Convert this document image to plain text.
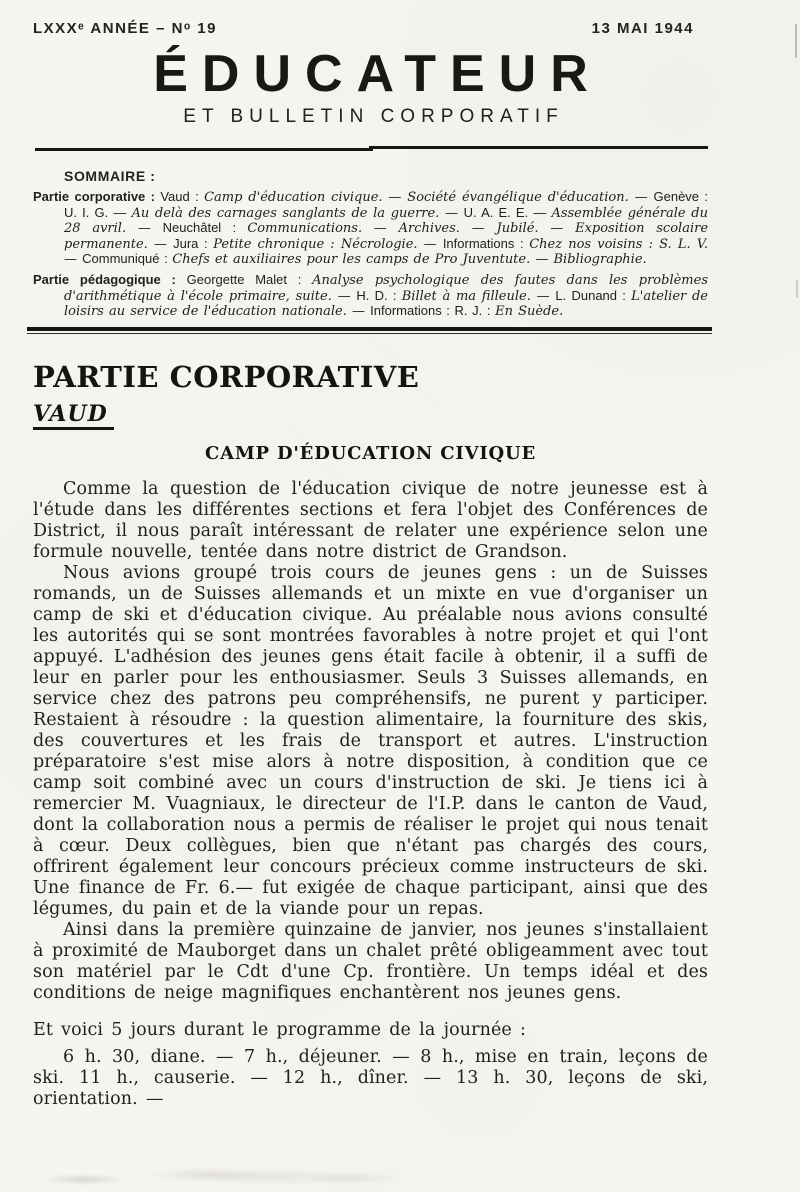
LXXXᵉ ANNÉE – Nᵒ 19	13 MAI 1944
ÉDUCATEUR
ET BULLETIN CORPORATIF
SOMMAIRE :

Partie corporative : Vaud : Camp d'éducation civique. — Société évangélique d'éducation. — Genève : U. I. G. — Au delà des carnages sanglants de la guerre. — U. A. E. E. — Assemblée générale du 28 avril. — Neuchâtel : Communications. — Archives. — Jubilé. — Exposition scolaire permanente. — Jura : Petite chronique : Nécrologie. — Informations : Chez nos voisins : S. L. V. — Communiqué : Chefs et auxiliaires pour les camps de Pro Juventute. — Bibliographie.

Partie pédagogique : Georgette Malet : Analyse psychologique des fautes dans les problèmes d'arithmétique à l'école primaire, suite. — H. D. : Billet à ma filleule. — L. Dunand : L'atelier de loisirs au service de l'éducation nationale. — Informations : R. J. : En Suède.

PARTIE CORPORATIVE
VAUD
CAMP D'ÉDUCATION CIVIQUE

Comme la question de l'éducation civique de notre jeunesse est à l'étude dans les différentes sections et fera l'objet des Conférences de District, il nous paraît intéressant de relater une expérience selon une formule nouvelle, tentée dans notre district de Grandson.

Nous avions groupé trois cours de jeunes gens : un de Suisses romands, un de Suisses allemands et un mixte en vue d'organiser un camp de ski et d'éducation civique. Au préalable nous avions consulté les autorités qui se sont montrées favorables à notre projet et qui l'ont appuyé. L'adhésion des jeunes gens était facile à obtenir, il a suffi de leur en parler pour les enthousiasmer. Seuls 3 Suisses allemands, en service chez des patrons peu compréhensifs, ne purent y participer. Restaient à résoudre : la question alimentaire, la fourniture des skis, des couvertures et les frais de transport et autres. L'instruction préparatoire s'est mise alors à notre disposition, à condition que ce camp soit combiné avec un cours d'instruction de ski. Je tiens ici à remercier M. Vuagniaux, le directeur de l'I.P. dans le canton de Vaud, dont la collaboration nous a permis de réaliser le projet qui nous tenait à cœur. Deux collègues, bien que n'étant pas chargés des cours, offrirent également leur concours précieux comme instructeurs de ski. Une finance de Fr. 6.— fut exigée de chaque participant, ainsi que des légumes, du pain et de la viande pour un repas.

Ainsi dans la première quinzaine de janvier, nos jeunes s'installaient à proximité de Mauborget dans un chalet prêté obligeamment avec tout son matériel par le Cdt d'une Cp. frontière. Un temps idéal et des conditions de neige magnifiques enchantèrent nos jeunes gens.

Et voici 5 jours durant le programme de la journée :

6 h. 30, diane. — 7 h., déjeuner. — 8 h., mise en train, leçons de ski. 11 h., causerie. — 12 h., dîner. — 13 h. 30, leçons de ski, orientation. —
